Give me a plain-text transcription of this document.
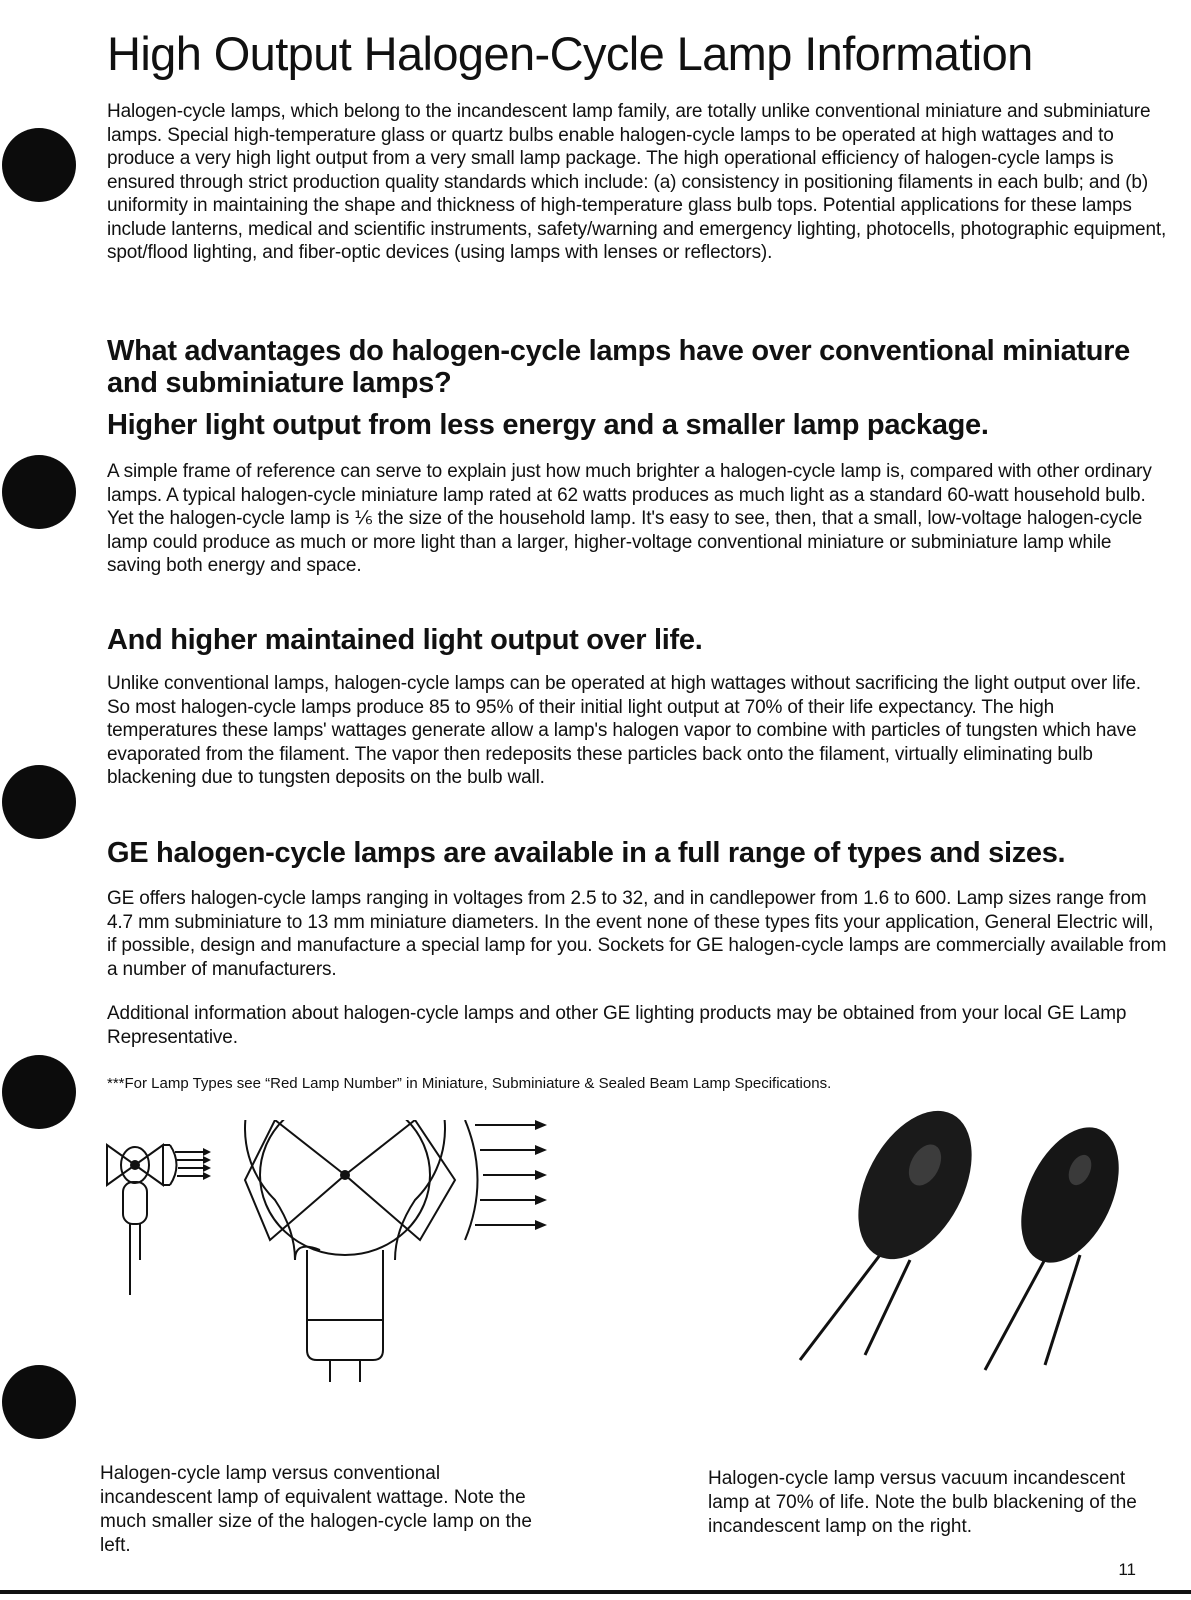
High Output Halogen-Cycle Lamp Information

Halogen-cycle lamps, which belong to the incandescent lamp family, are totally unlike conventional miniature and subminiature lamps. Special high-temperature glass or quartz bulbs enable halogen-cycle lamps to be operated at high wattages and to produce a very high light output from a very small lamp package. The high operational efficiency of halogen-cycle lamps is ensured through strict production quality standards which include: (a) consistency in positioning filaments in each bulb; and (b) uniformity in maintaining the shape and thickness of high-temperature glass bulb tops. Potential applications for these lamps include lanterns, medical and scientific instruments, safety/warning and emergency lighting, photocells, photographic equipment, spot/flood lighting, and fiber-optic devices (using lamps with lenses or reflectors).

What advantages do halogen-cycle lamps have over conventional miniature and subminiature lamps?
Higher light output from less energy and a smaller lamp package.

A simple frame of reference can serve to explain just how much brighter a halogen-cycle lamp is, compared with other ordinary lamps. A typical halogen-cycle miniature lamp rated at 62 watts produces as much light as a standard 60-watt household bulb. Yet the halogen-cycle lamp is ⅙ the size of the household lamp. It's easy to see, then, that a small, low-voltage halogen-cycle lamp could produce as much or more light than a larger, higher-voltage conventional miniature or subminiature lamp while saving both energy and space.

And higher maintained light output over life.

Unlike conventional lamps, halogen-cycle lamps can be operated at high wattages without sacrificing the light output over life. So most halogen-cycle lamps produce 85 to 95% of their initial light output at 70% of their life expectancy. The high temperatures these lamps' wattages generate allow a lamp's halogen vapor to combine with particles of tungsten which have evaporated from the filament. The vapor then redeposits these particles back onto the filament, virtually eliminating bulb blackening due to tungsten deposits on the bulb wall.

GE halogen-cycle lamps are available in a full range of types and sizes.

GE offers halogen-cycle lamps ranging in voltages from 2.5 to 32, and in candlepower from 1.6 to 600. Lamp sizes range from 4.7 mm subminiature to 13 mm miniature diameters. In the event none of these types fits your application, General Electric will, if possible, design and manufacture a special lamp for you. Sockets for GE halogen-cycle lamps are commercially available from a number of manufacturers.

Additional information about halogen-cycle lamps and other GE lighting products may be obtained from your local GE Lamp Representative.

***For Lamp Types see “Red Lamp Number” in Miniature, Subminiature & Sealed Beam Lamp Specifications.

Halogen-cycle lamp versus conventional incandescent lamp of equivalent wattage. Note the much smaller size of the halogen-cycle lamp on the left.

Halogen-cycle lamp versus vacuum incandescent lamp at 70% of life. Note the bulb blackening of the incandescent lamp on the right.

11
